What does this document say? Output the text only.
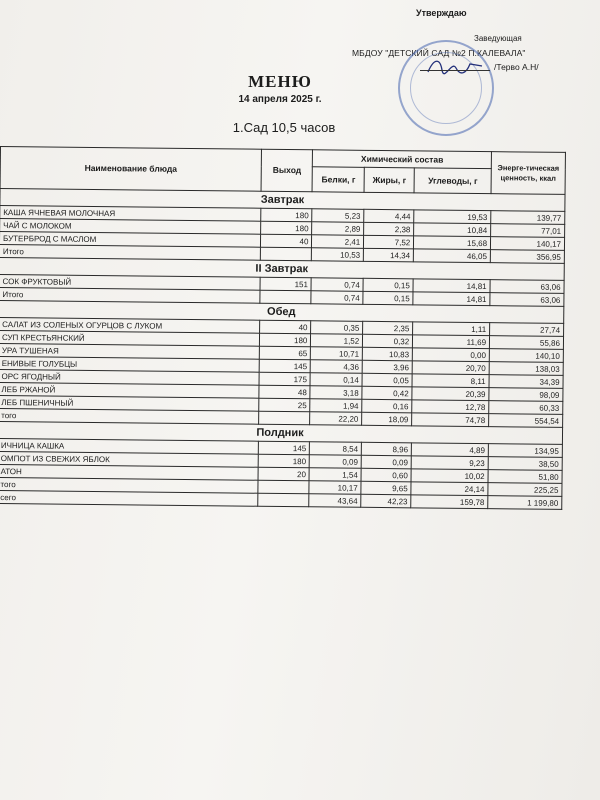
Утверждаю
Заведующая
МБДОУ "ДЕТСКИЙ САД №2 П.КАЛЕВАЛА"
/Терво А.Н/
МЕНЮ
14 апреля 2025 г.
1.Сад 10,5 часов
Наименование блюда	Выход	Химический состав			Энерге-тическая ценность, ккал
		Белки, г	Жиры, г	Углеводы, г	
Завтрак					
КАША ЯЧНЕВАЯ МОЛОЧНАЯ	180	5,23	4,44	19,53	139,77
ЧАЙ С МОЛОКОМ	180	2,89	2,38	10,84	77,01
БУТЕРБРОД С МАСЛОМ	40	2,41	7,52	15,68	140,17
Итого		10,53	14,34	46,05	356,95
II Завтрак					
СОК ФРУКТОВЫЙ	151	0,74	0,15	14,81	63,06
Итого		0,74	0,15	14,81	63,06
Обед					
САЛАТ ИЗ СОЛЕНЫХ ОГУРЦОВ С ЛУКОМ	40	0,35	2,35	1,11	27,74
СУП КРЕСТЬЯНСКИЙ	180	1,52	0,32	11,69	55,86
УРА ТУШЕНАЯ	65	10,71	10,83	0,00	140,10
ЕНИВЫЕ ГОЛУБЦЫ	145	4,36	3,96	20,70	138,03
ОРС ЯГОДНЫЙ	175	0,14	0,05	8,11	34,39
ЛЕБ РЖАНОЙ	48	3,18	0,42	20,39	98,09
ЛЕБ ПШЕНИЧНЫЙ	25	1,94	0,16	12,78	60,33
того		22,20	18,09	74,78	554,54
Полдник					
ИЧНИЦА КАШКА	145	8,54	8,96	4,89	134,95
ОМПОТ ИЗ СВЕЖИХ ЯБЛОК	180	0,09	0,09	9,23	38,50
АТОН	20	1,54	0,60	10,02	51,80
того		10,17	9,65	24,14	225,25
сего		43,64	42,23	159,78	1 199,80
